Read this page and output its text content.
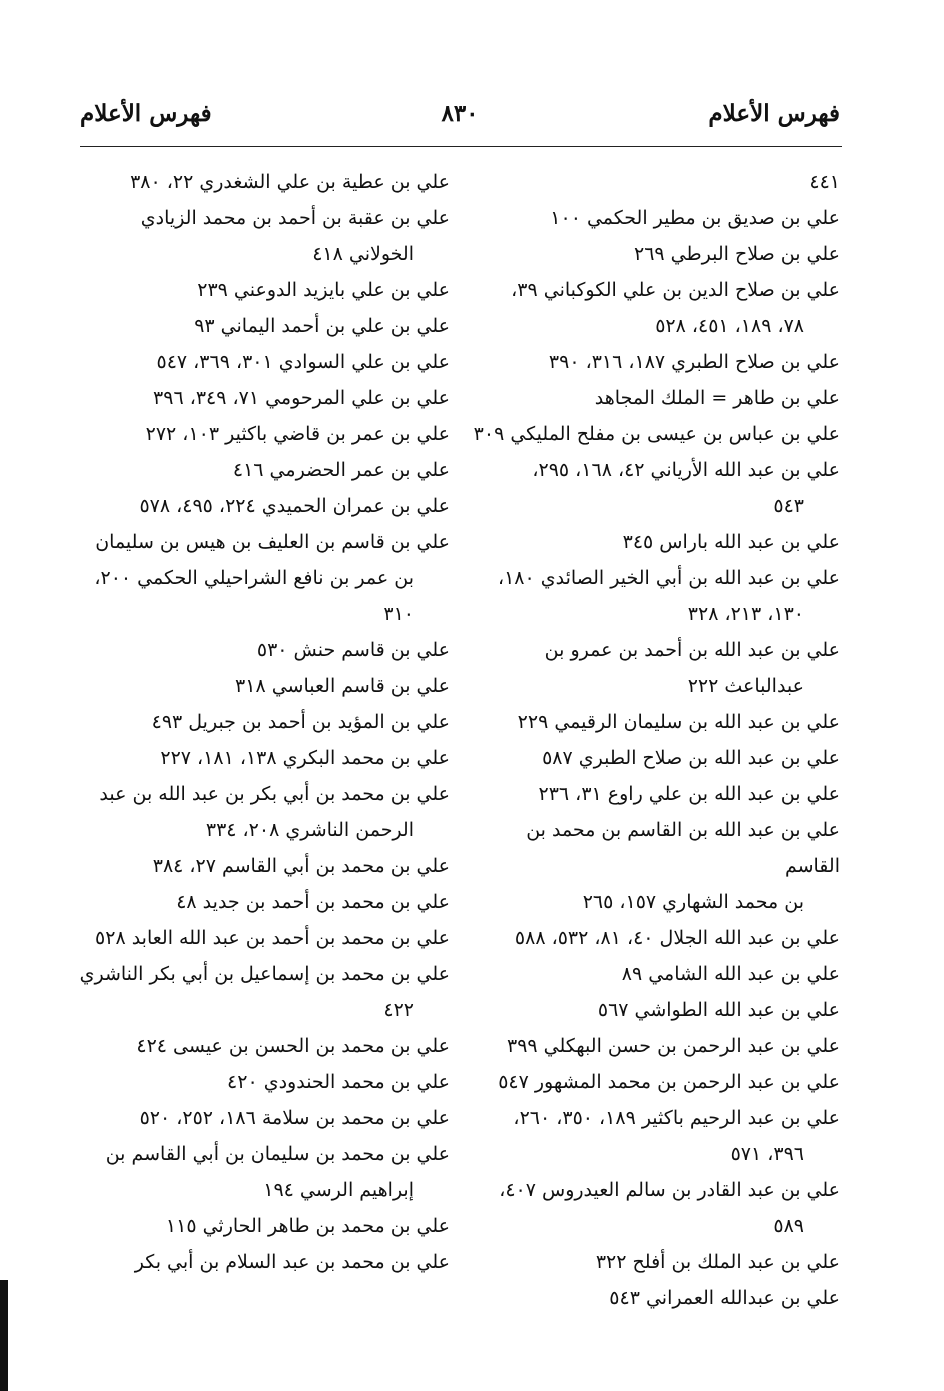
فهرس الأعلام
٨٣٠
فهرس الأعلام

٤٤١

علي بن صديق بن مطير الحكمي ١٠٠

علي بن صلاح البرطي ٢٦٩

علي بن صلاح الدين بن علي الكوكباني ٣٩،
٧٨، ١٨٩، ٤٥١، ٥٢٨

علي بن صلاح الطبري ١٨٧، ٣١٦، ٣٩٠

علي بن طاهر = الملك المجاهد

علي بن عباس بن عيسى بن مفلح المليكي ٣٠٩

علي بن عبد الله الأرياني ٤٢، ١٦٨، ٢٩٥،
٥٤٣

علي بن عبد الله باراس ٣٤٥

علي بن عبد الله بن أبي الخير الصائدي ١٨٠،
١٣٠، ٢١٣، ٣٢٨

علي بن عبد الله بن أحمد بن عمرو بن
عبدالباعث ٢٢٢

علي بن عبد الله بن سليمان الرقيمي ٢٢٩

علي بن عبد الله بن صلاح الطبري ٥٨٧

علي بن عبد الله بن علي راوع ٣١، ٢٣٦

علي بن عبد الله بن القاسم بن محمد بن القاسم
بن محمد الشهاري ١٥٧، ٢٦٥

علي بن عبد الله الجلال ٤٠، ٨١، ٥٣٢، ٥٨٨

علي بن عبد الله الشامي ٨٩

علي بن عبد الله الطواشي ٥٦٧

علي بن عبد الرحمن بن حسن البهكلي ٣٩٩

علي بن عبد الرحمن بن محمد المشهور ٥٤٧

علي بن عبد الرحيم باكثير ١٨٩، ٣٥٠، ٢٦٠،
٣٩٦، ٥٧١

علي بن عبد القادر بن سالم العيدروس ٤٠٧،
٥٨٩

علي بن عبد الملك بن أفلح ٣٢٢

علي بن عبدالله العمراني ٥٤٣

علي بن عطية بن علي الشغدري ٢٢، ٣٨٠

علي بن عقبة بن أحمد بن محمد الزيادي
الخولاني ٤١٨

علي بن علي بايزيد الدوعني ٢٣٩

علي بن علي بن أحمد اليماني ٩٣

علي بن علي السوادي ٣٠١، ٣٦٩، ٥٤٧

علي بن علي المرحومي ٧١، ٣٤٩، ٣٩٦

علي بن عمر بن قاضي باكثير ١٠٣، ٢٧٢

علي بن عمر الحضرمي ٤١٦

علي بن عمران الحميدي ٢٢٤، ٤٩٥، ٥٧٨

علي بن قاسم بن العليف بن هيس بن سليمان
بن عمر بن نافع الشراحيلي الحكمي ٢٠٠، ٣١٠

علي بن قاسم حنش ٥٣٠

علي بن قاسم العباسي ٣١٨

علي بن المؤيد بن أحمد بن جبريل ٤٩٣

علي بن محمد البكري ١٣٨، ١٨١، ٢٢٧

علي بن محمد بن أبي بكر بن عبد الله بن عبد
الرحمن الناشري ٢٠٨، ٣٣٤

علي بن محمد بن أبي القاسم ٢٧، ٣٨٤

علي بن محمد بن أحمد بن جديد ٤٨

علي بن محمد بن أحمد بن عبد الله العابد ٥٢٨

علي بن محمد بن إسماعيل بن أبي بكر الناشري
٤٢٢

علي بن محمد بن الحسن بن عيسى ٤٢٤

علي بن محمد الحندودي ٤٢٠

علي بن محمد بن سلامة ١٨٦، ٢٥٢، ٥٢٠

علي بن محمد بن سليمان بن أبي القاسم بن
إبراهيم الرسي ١٩٤

علي بن محمد بن طاهر الحارثي ١١٥

علي بن محمد بن عبد السلام بن أبي بكر
